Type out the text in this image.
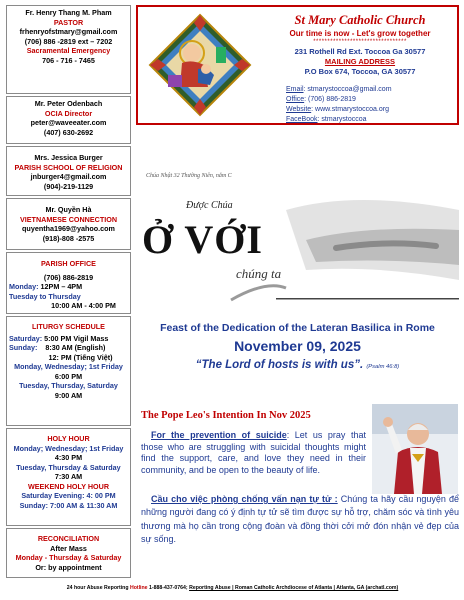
Fr. Henry Thang M. Pham
PASTOR
frhenryofstmary@gmail.com
(706) 886 -2819 ext – 7202
Sacramental Emergency
706 - 716 - 7465
Mr. Peter Odenbach
OCIA Director
peter@waveeater.com
(407) 630-2692
Mrs. Jessica Burger
PARISH SCHOOL OF RELIGION
jnburger4@gmail.com
(904)-219-1129
Mr. Quyền Hà
VIETNAMESE CONNECTION
quyentha1969@yahoo.com
(918)-808 -2575
PARISH OFFICE
(706) 886-2819
Monday: 12PM – 4PM
Tuesday to Thursday
10:00 AM - 4:00 PM
LITURGY SCHEDULE
Saturday: 5:00 PM Vigil Mass
Sunday: 8:30 AM (English)
12: PM (Tiếng Việt)
Monday, Wednesday; 1st Friday
6:00 PM
Tuesday, Thursday, Saturday
9:00 AM
HOLY HOUR
Monday; Wednesday; 1st Friday
4:30 PM
Tuesday, Thursday & Saturday
7:30 AM
WEEKEND HOLY HOUR
Saturday Evening: 4: 00 PM
Sunday: 7:00 AM & 11:30 AM
RECONCILIATION
After Mass
Monday - Thursday & Saturday
Or: by appointment
St Mary Catholic Church
Our time is now - Let's grow together
*********************************
231 Rothell Rd Ext. Toccoa Ga 30577
MAILING ADDRESS
P.O Box 674, Toccoa, GA 30577
Email: stmarystoccoa@gmail.com
Office: (706) 886-2819
Website: www.stmarystoccoa.org
FaceBook: stmarystoccoa
Chúa Nhật 32 Thường Niên, năm C
Được Chúa
Ở VỚI
chúng ta
Feast of the Dedication of the Lateran Basilica in Rome
November 09, 2025
“The Lord of hosts is with us”. (Psalm 46:8)
The Pope Leo's Intention In Nov 2025
For the prevention of suicide: Let us pray that those who are struggling with suicidal thoughts might find the support, care, and love they need in their community, and be open to the beauty of life.
Cầu cho việc phòng chống vấn nạn tự tử : Chúng ta hãy cầu nguyện để những người đang có ý định tự tử sẽ tìm được sự hỗ trợ, chăm sóc và tình yêu thương mà họ cần trong cộng đoàn và đồng thời cởi mở đón nhận vẻ đẹp của sự sống.
24 hour Abuse Reporting Hotline 1-888-437-0764; Reporting Abuse | Roman Catholic Archdiocese of Atlanta | Atlanta, GA (archatl.com)
